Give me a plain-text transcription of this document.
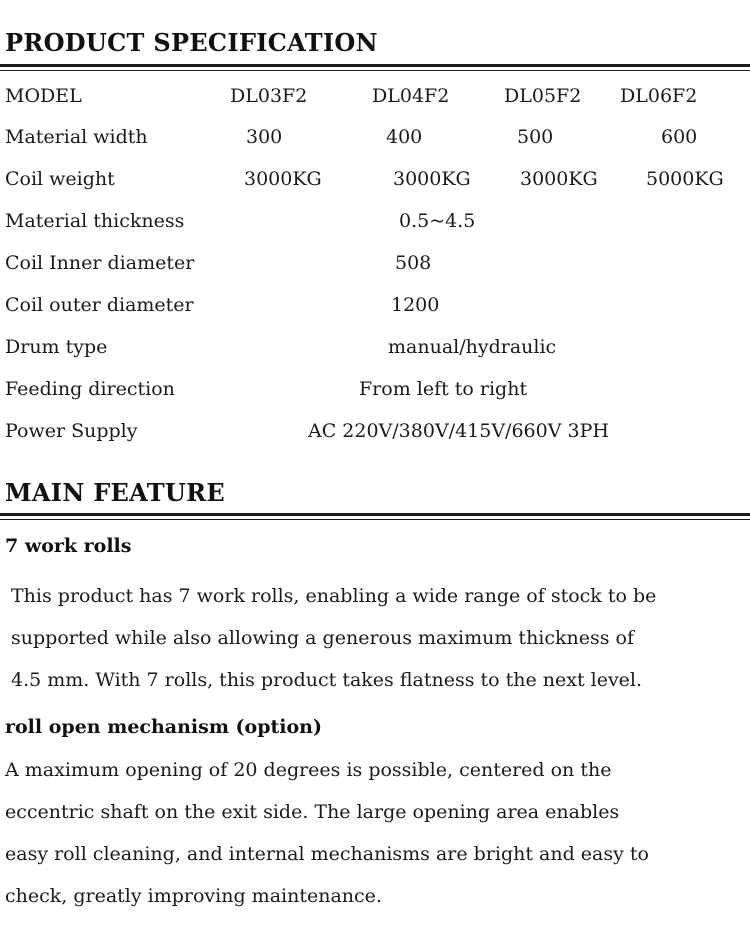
PRODUCT SPECIFICATION
MODEL	DL03F2	DL04F2	DL05F2 DL06F2
Material width	300	400	500	600
Coil weight	3000KG	3000KG	3000KG	5000KG
Material thickness	0.5~4.5
Coil Inner diameter	508
Coil outer diameter	1200
Drum type	manual/hydraulic
Feeding direction	From left to right
Power Supply	AC 220V/380V/415V/660V 3PH
MAIN FEATURE
7 work rolls
This product has 7 work rolls, enabling a wide range of stock to be
supported while also allowing a generous maximum thickness of
4.5 mm. With 7 rolls, this product takes flatness to the next level.
roll open mechanism (option)
A maximum opening of 20 degrees is possible, centered on the
eccentric shaft on the exit side. The large opening area enables
easy roll cleaning, and internal mechanisms are bright and easy to
check, greatly improving maintenance.
